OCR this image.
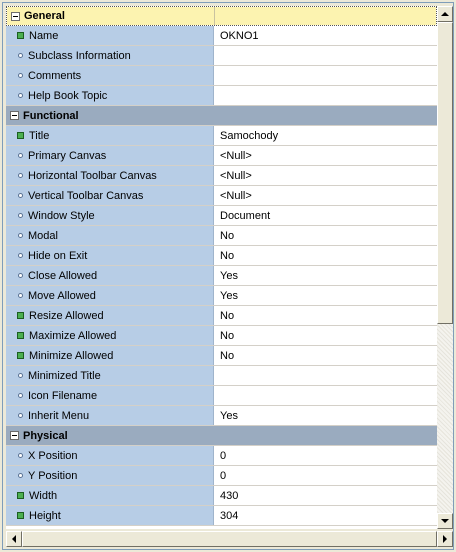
General
Name	OKNO1
Subclass Information
Comments
Help Book Topic
Functional
Title	Samochody
Primary Canvas	<Null>
Horizontal Toolbar Canvas	<Null>
Vertical Toolbar Canvas	<Null>
Window Style	Document
Modal	No
Hide on Exit	No
Close Allowed	Yes
Move Allowed	Yes
Resize Allowed	No
Maximize Allowed	No
Minimize Allowed	No
Minimized Title
Icon Filename
Inherit Menu	Yes
Physical
X Position	0
Y Position	0
Width	430
Height	304
